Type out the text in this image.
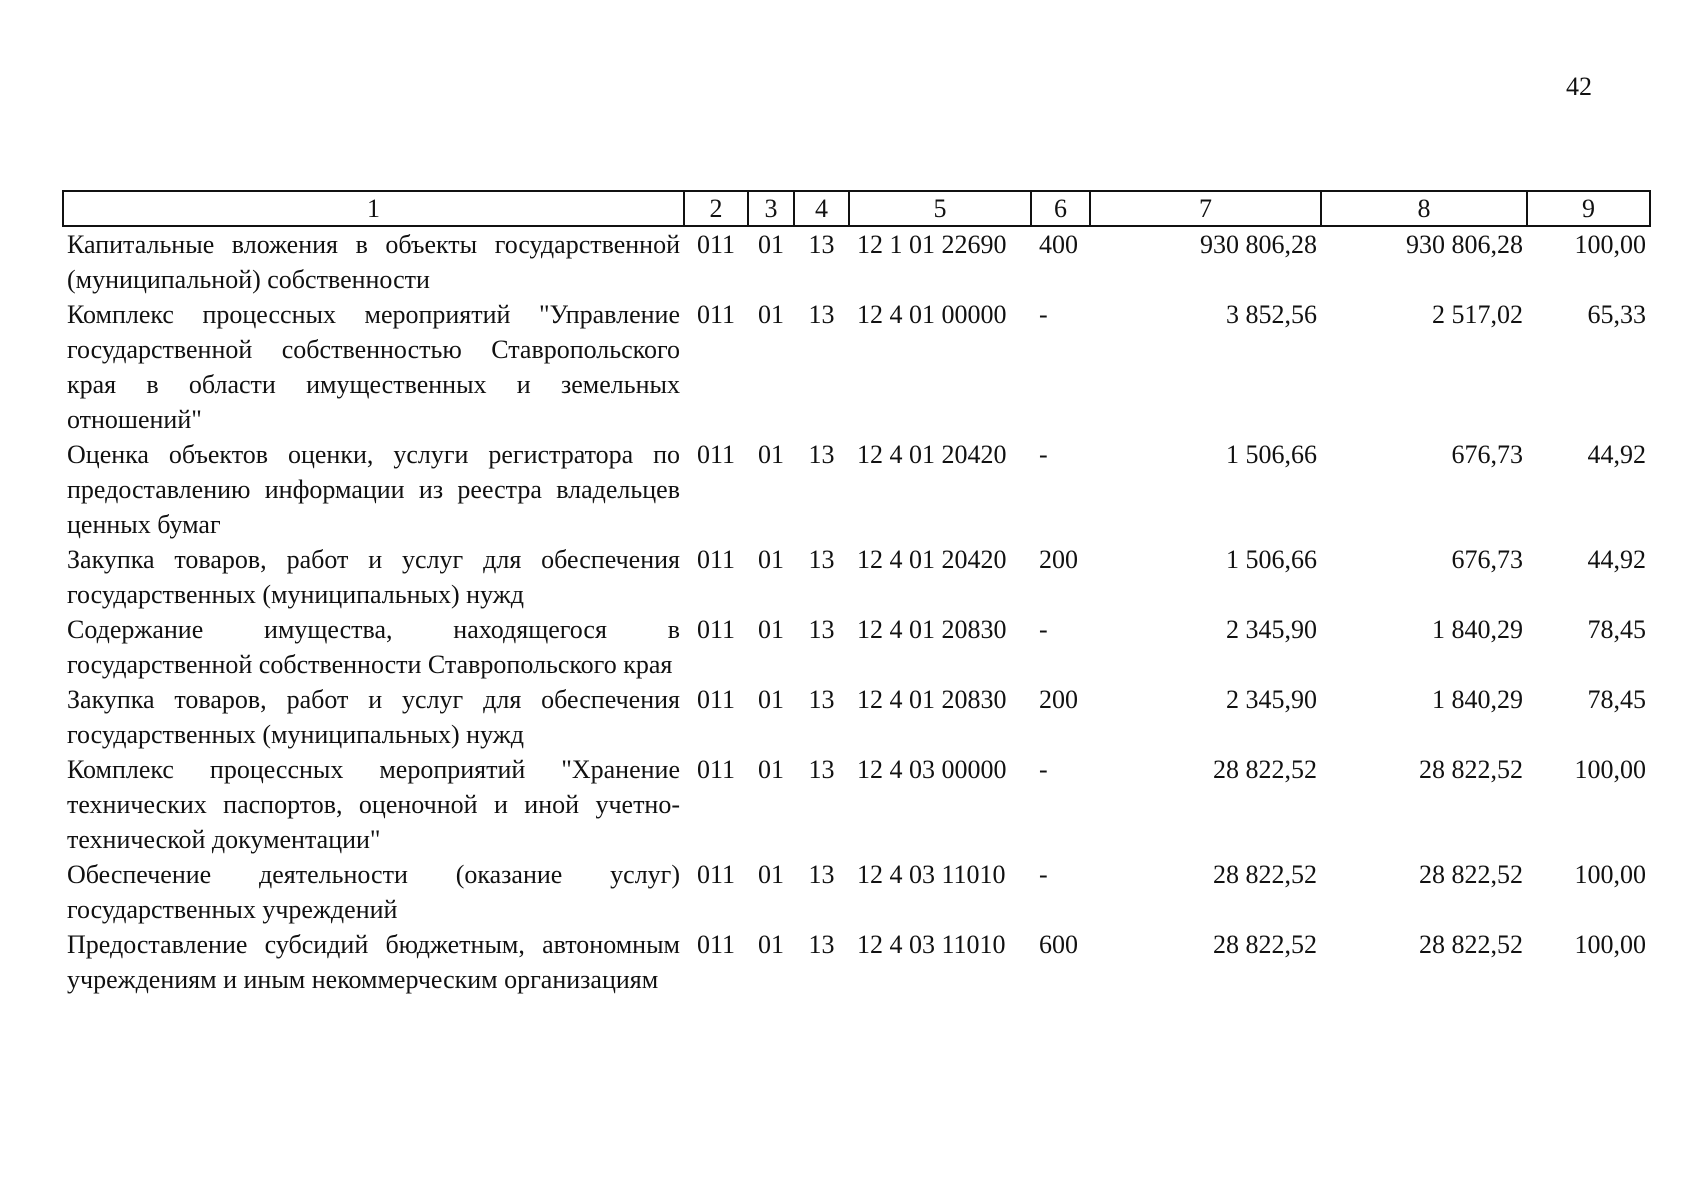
42
1	2	3	4	5	6	7	8	9
Капитальные вложения в объекты государственной (муниципальной) собственности	011	01	13	12 1 01 22690	400	930 806,28	930 806,28	100,00
Комплекс процессных мероприятий "Управление государственной собственностью Ставропольского края в области имущественных и земельных отношений"	011	01	13	12 4 01 00000	-	3 852,56	2 517,02	65,33
Оценка объектов оценки, услуги регистратора по предоставлению информации из реестра владельцев ценных бумаг	011	01	13	12 4 01 20420	-	1 506,66	676,73	44,92
Закупка товаров, работ и услуг для обеспечения государственных (муниципальных) нужд	011	01	13	12 4 01 20420	200	1 506,66	676,73	44,92
Содержание имущества, находящегося в государственной собственности Ставропольского края	011	01	13	12 4 01 20830	-	2 345,90	1 840,29	78,45
Закупка товаров, работ и услуг для обеспечения государственных (муниципальных) нужд	011	01	13	12 4 01 20830	200	2 345,90	1 840,29	78,45
Комплекс процессных мероприятий "Хранение технических паспортов, оценочной и иной учетно-технической документации"	011	01	13	12 4 03 00000	-	28 822,52	28 822,52	100,00
Обеспечение деятельности (оказание услуг) государственных учреждений	011	01	13	12 4 03 11010	-	28 822,52	28 822,52	100,00
Предоставление субсидий бюджетным, автономным учреждениям и иным некоммерческим организациям	011	01	13	12 4 03 11010	600	28 822,52	28 822,52	100,00
